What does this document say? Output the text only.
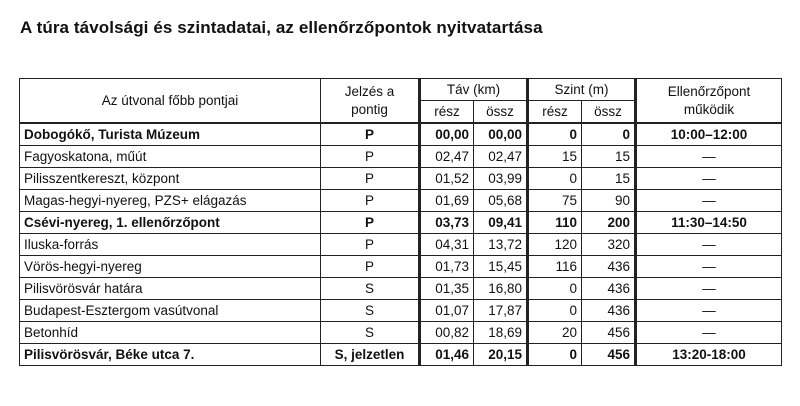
A túra távolsági és szintadatai, az ellenőrzőpontok nyitvatartása
Az útvonal főbb pontjai	Jelzés a pontig	Táv (km)		Szint (m)		Ellenőrzőpont működik
		rész	össz	rész	össz	
Dobogókő, Turista Múzeum	P	00,00	00,00	0	0	10:00–12:00
Fagyoskatona, műút	P	02,47	02,47	15	15	—
Pilisszentkereszt, központ	P	01,52	03,99	0	15	—
Magas-hegyi-nyereg, PZS+ elágazás	P	01,69	05,68	75	90	—
Csévi-nyereg, 1. ellenőrzőpont	P	03,73	09,41	110	200	11:30–14:50
Iluska-forrás	P	04,31	13,72	120	320	—
Vörös-hegyi-nyereg	P	01,73	15,45	116	436	—
Pilisvörösvár határa	S	01,35	16,80	0	436	—
Budapest-Esztergom vasútvonal	S	01,07	17,87	0	436	—
Betonhíd	S	00,82	18,69	20	456	—
Pilisvörösvár, Béke utca 7.	S, jelzetlen	01,46	20,15	0	456	13:20-18:00
